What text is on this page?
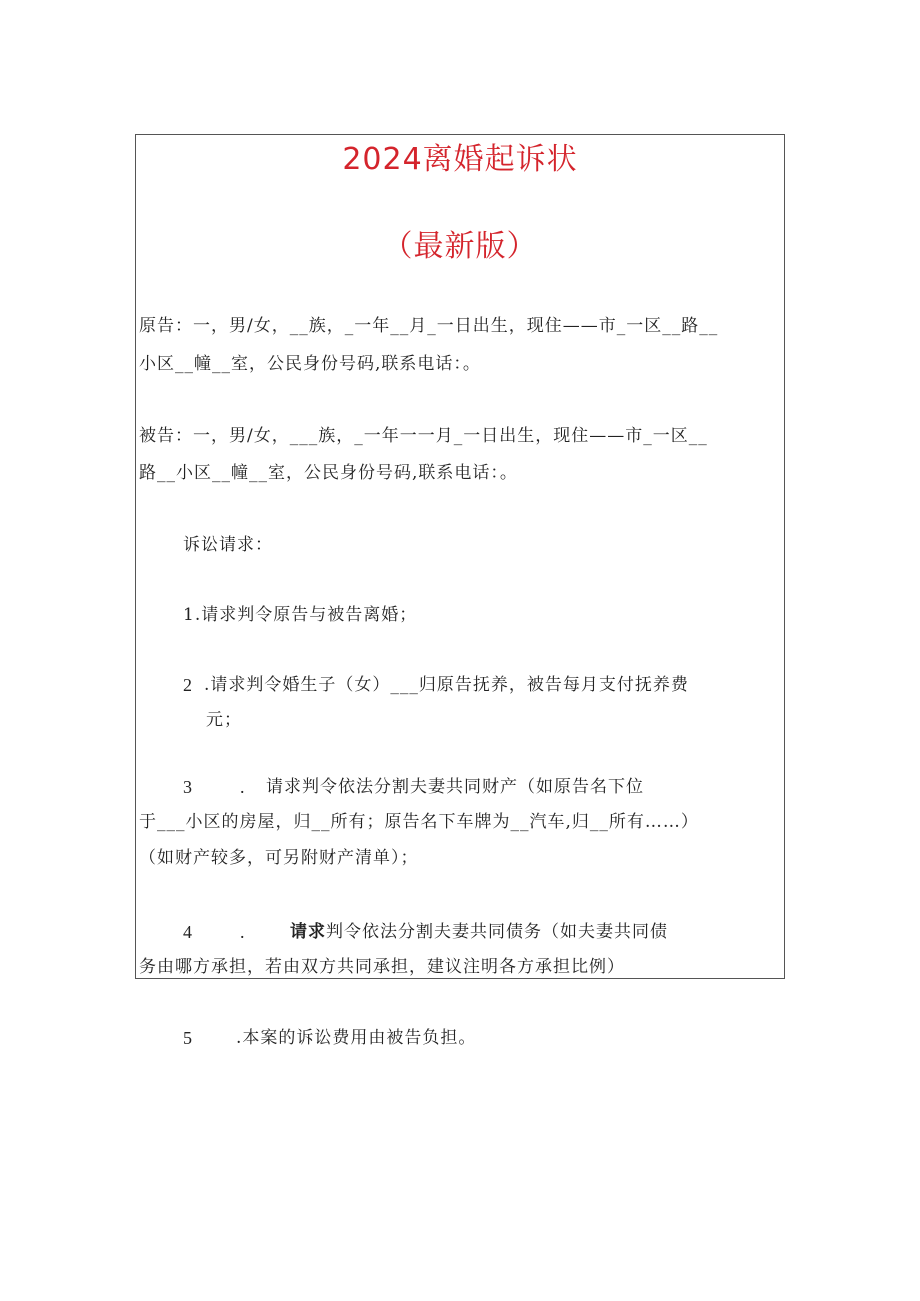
2024离婚起诉状
（最新版）

原告：一，男/女，__族，_一年__月_一日出生，现住——市_一区__路__

小区__幢__室，公民身份号码,联系电话：。

被告：一，男/女，___族，_一年一一月_一日出生，现住——市_一区__

路__小区__幢__室，公民身份号码,联系电话：。

诉讼请求：

1.请求判令原告与被告离婚；

2 .请求判令婚生子（女）___归原告抚养，被告每月支付抚养费

元；

3	. 请求判令依法分割夫妻共同财产（如原告名下位

于___小区的房屋，归__所有；原告名下车牌为__汽车,归__所有……）

（如财产较多，可另附财产清单）；

4	.	请求判令依法分割夫妻共同债务（如夫妻共同债

务由哪方承担，若由双方共同承担，建议注明各方承担比例）

5	.本案的诉讼费用由被告负担。
